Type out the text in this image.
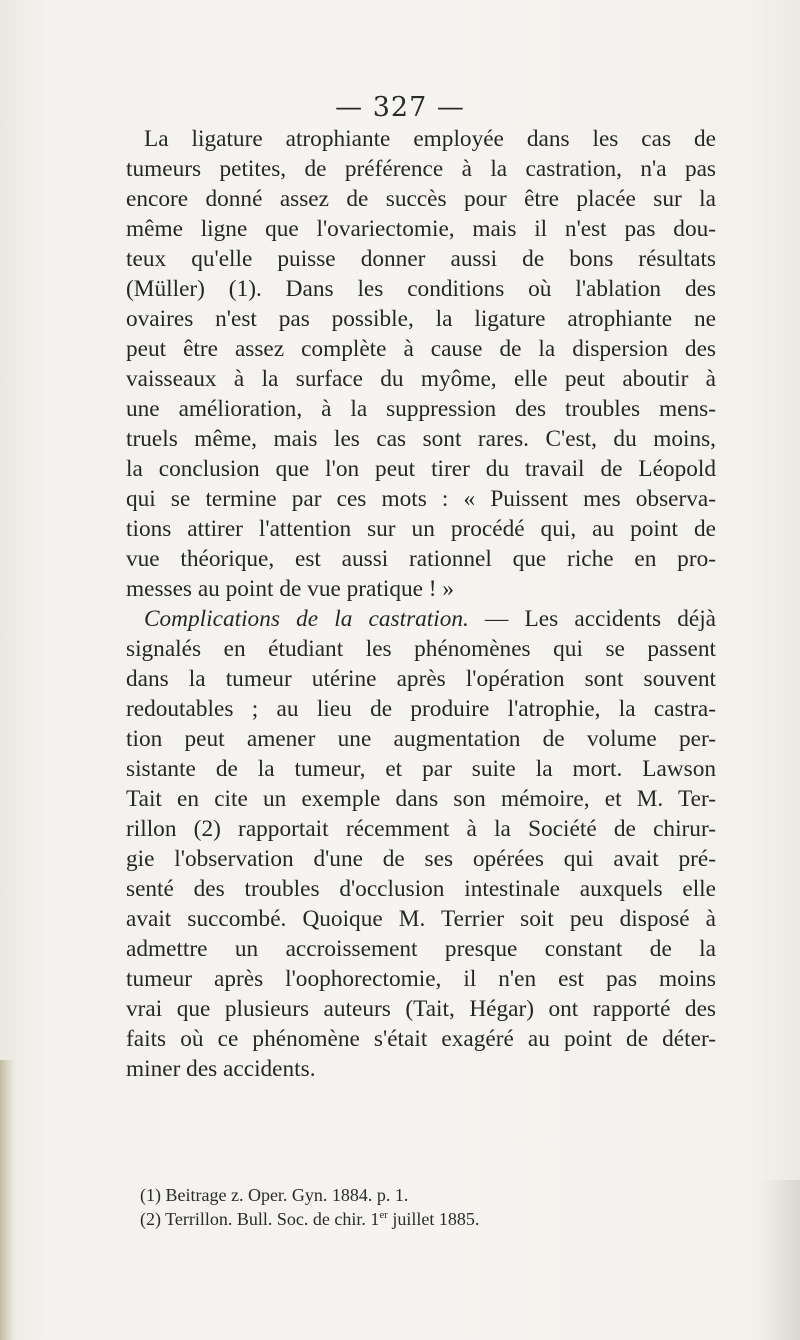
— 327 —
La ligature atrophiante employée dans les cas de
tumeurs petites, de préférence à la castration, n'a pas
encore donné assez de succès pour être placée sur la
même ligne que l'ovariectomie, mais il n'est pas dou-
teux qu'elle puisse donner aussi de bons résultats
(Müller) (1). Dans les conditions où l'ablation des
ovaires n'est pas possible, la ligature atrophiante ne
peut être assez complète à cause de la dispersion des
vaisseaux à la surface du myôme, elle peut aboutir à
une amélioration, à la suppression des troubles mens-
truels même, mais les cas sont rares. C'est, du moins,
la conclusion que l'on peut tirer du travail de Léopold
qui se termine par ces mots : « Puissent mes observa-
tions attirer l'attention sur un procédé qui, au point de
vue théorique, est aussi rationnel que riche en pro-
messes au point de vue pratique ! »
Complications de la castration. — Les accidents déjà
signalés en étudiant les phénomènes qui se passent
dans la tumeur utérine après l'opération sont souvent
redoutables ; au lieu de produire l'atrophie, la castra-
tion peut amener une augmentation de volume per-
sistante de la tumeur, et par suite la mort. Lawson
Tait en cite un exemple dans son mémoire, et M. Ter-
rillon (2) rapportait récemment à la Société de chirur-
gie l'observation d'une de ses opérées qui avait pré-
senté des troubles d'occlusion intestinale auxquels elle
avait succombé. Quoique M. Terrier soit peu disposé à
admettre un accroissement presque constant de la
tumeur après l'oophorectomie, il n'en est pas moins
vrai que plusieurs auteurs (Tait, Hégar) ont rapporté des
faits où ce phénomène s'était exagéré au point de déter-
miner des accidents.
(1) Beitrage z. Oper. Gyn. 1884. p. 1.
(2) Terrillon. Bull. Soc. de chir. 1er juillet 1885.
